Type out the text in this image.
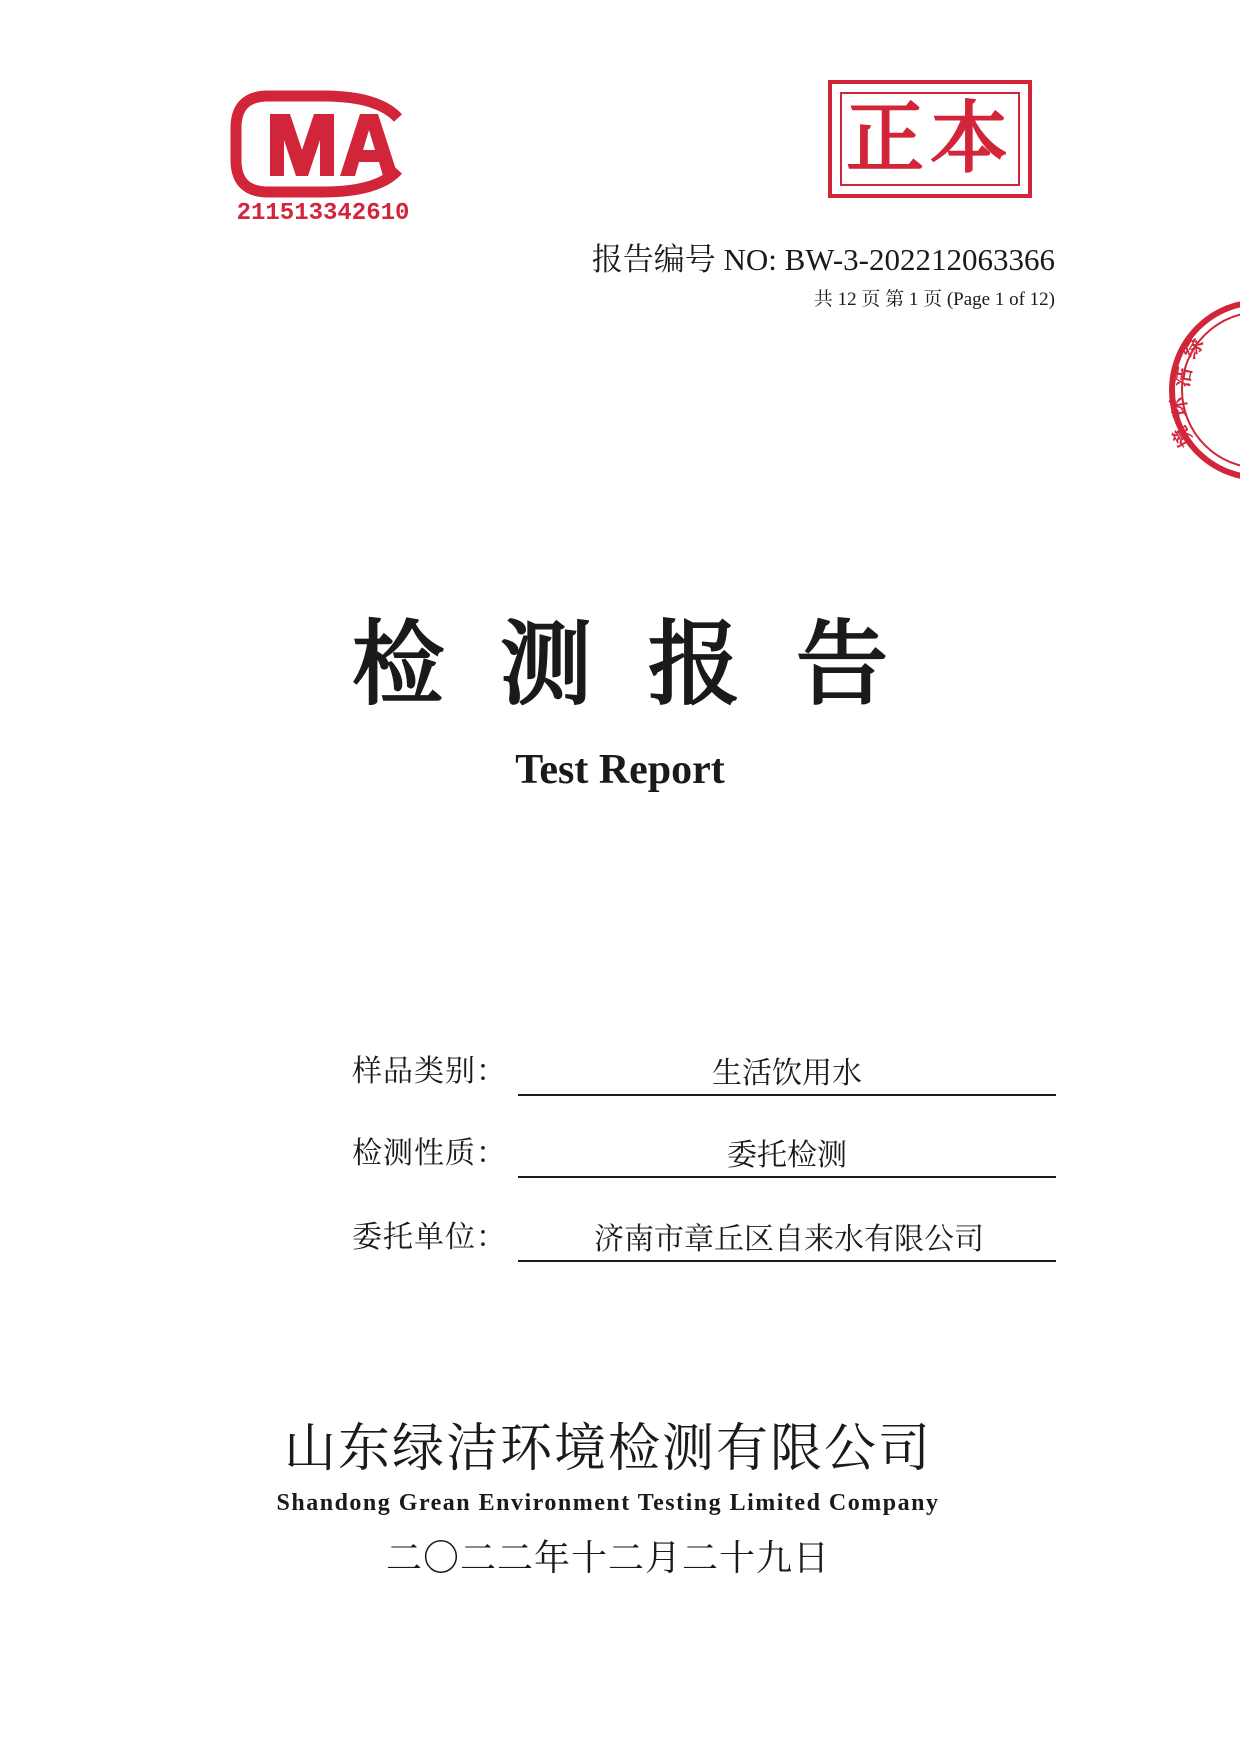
211513342610
正本
报告编号 NO: BW-3-202212063366
共 12 页 第 1 页 (Page 1 of 12)
绿
洁
环
境
检测报告
Test Report
样品类别：	生活饮用水
检测性质：	委托检测
委托单位：	济南市章丘区自来水有限公司
山东绿洁环境检测有限公司
Shandong Grean Environment Testing Limited Company
二〇二二年十二月二十九日
